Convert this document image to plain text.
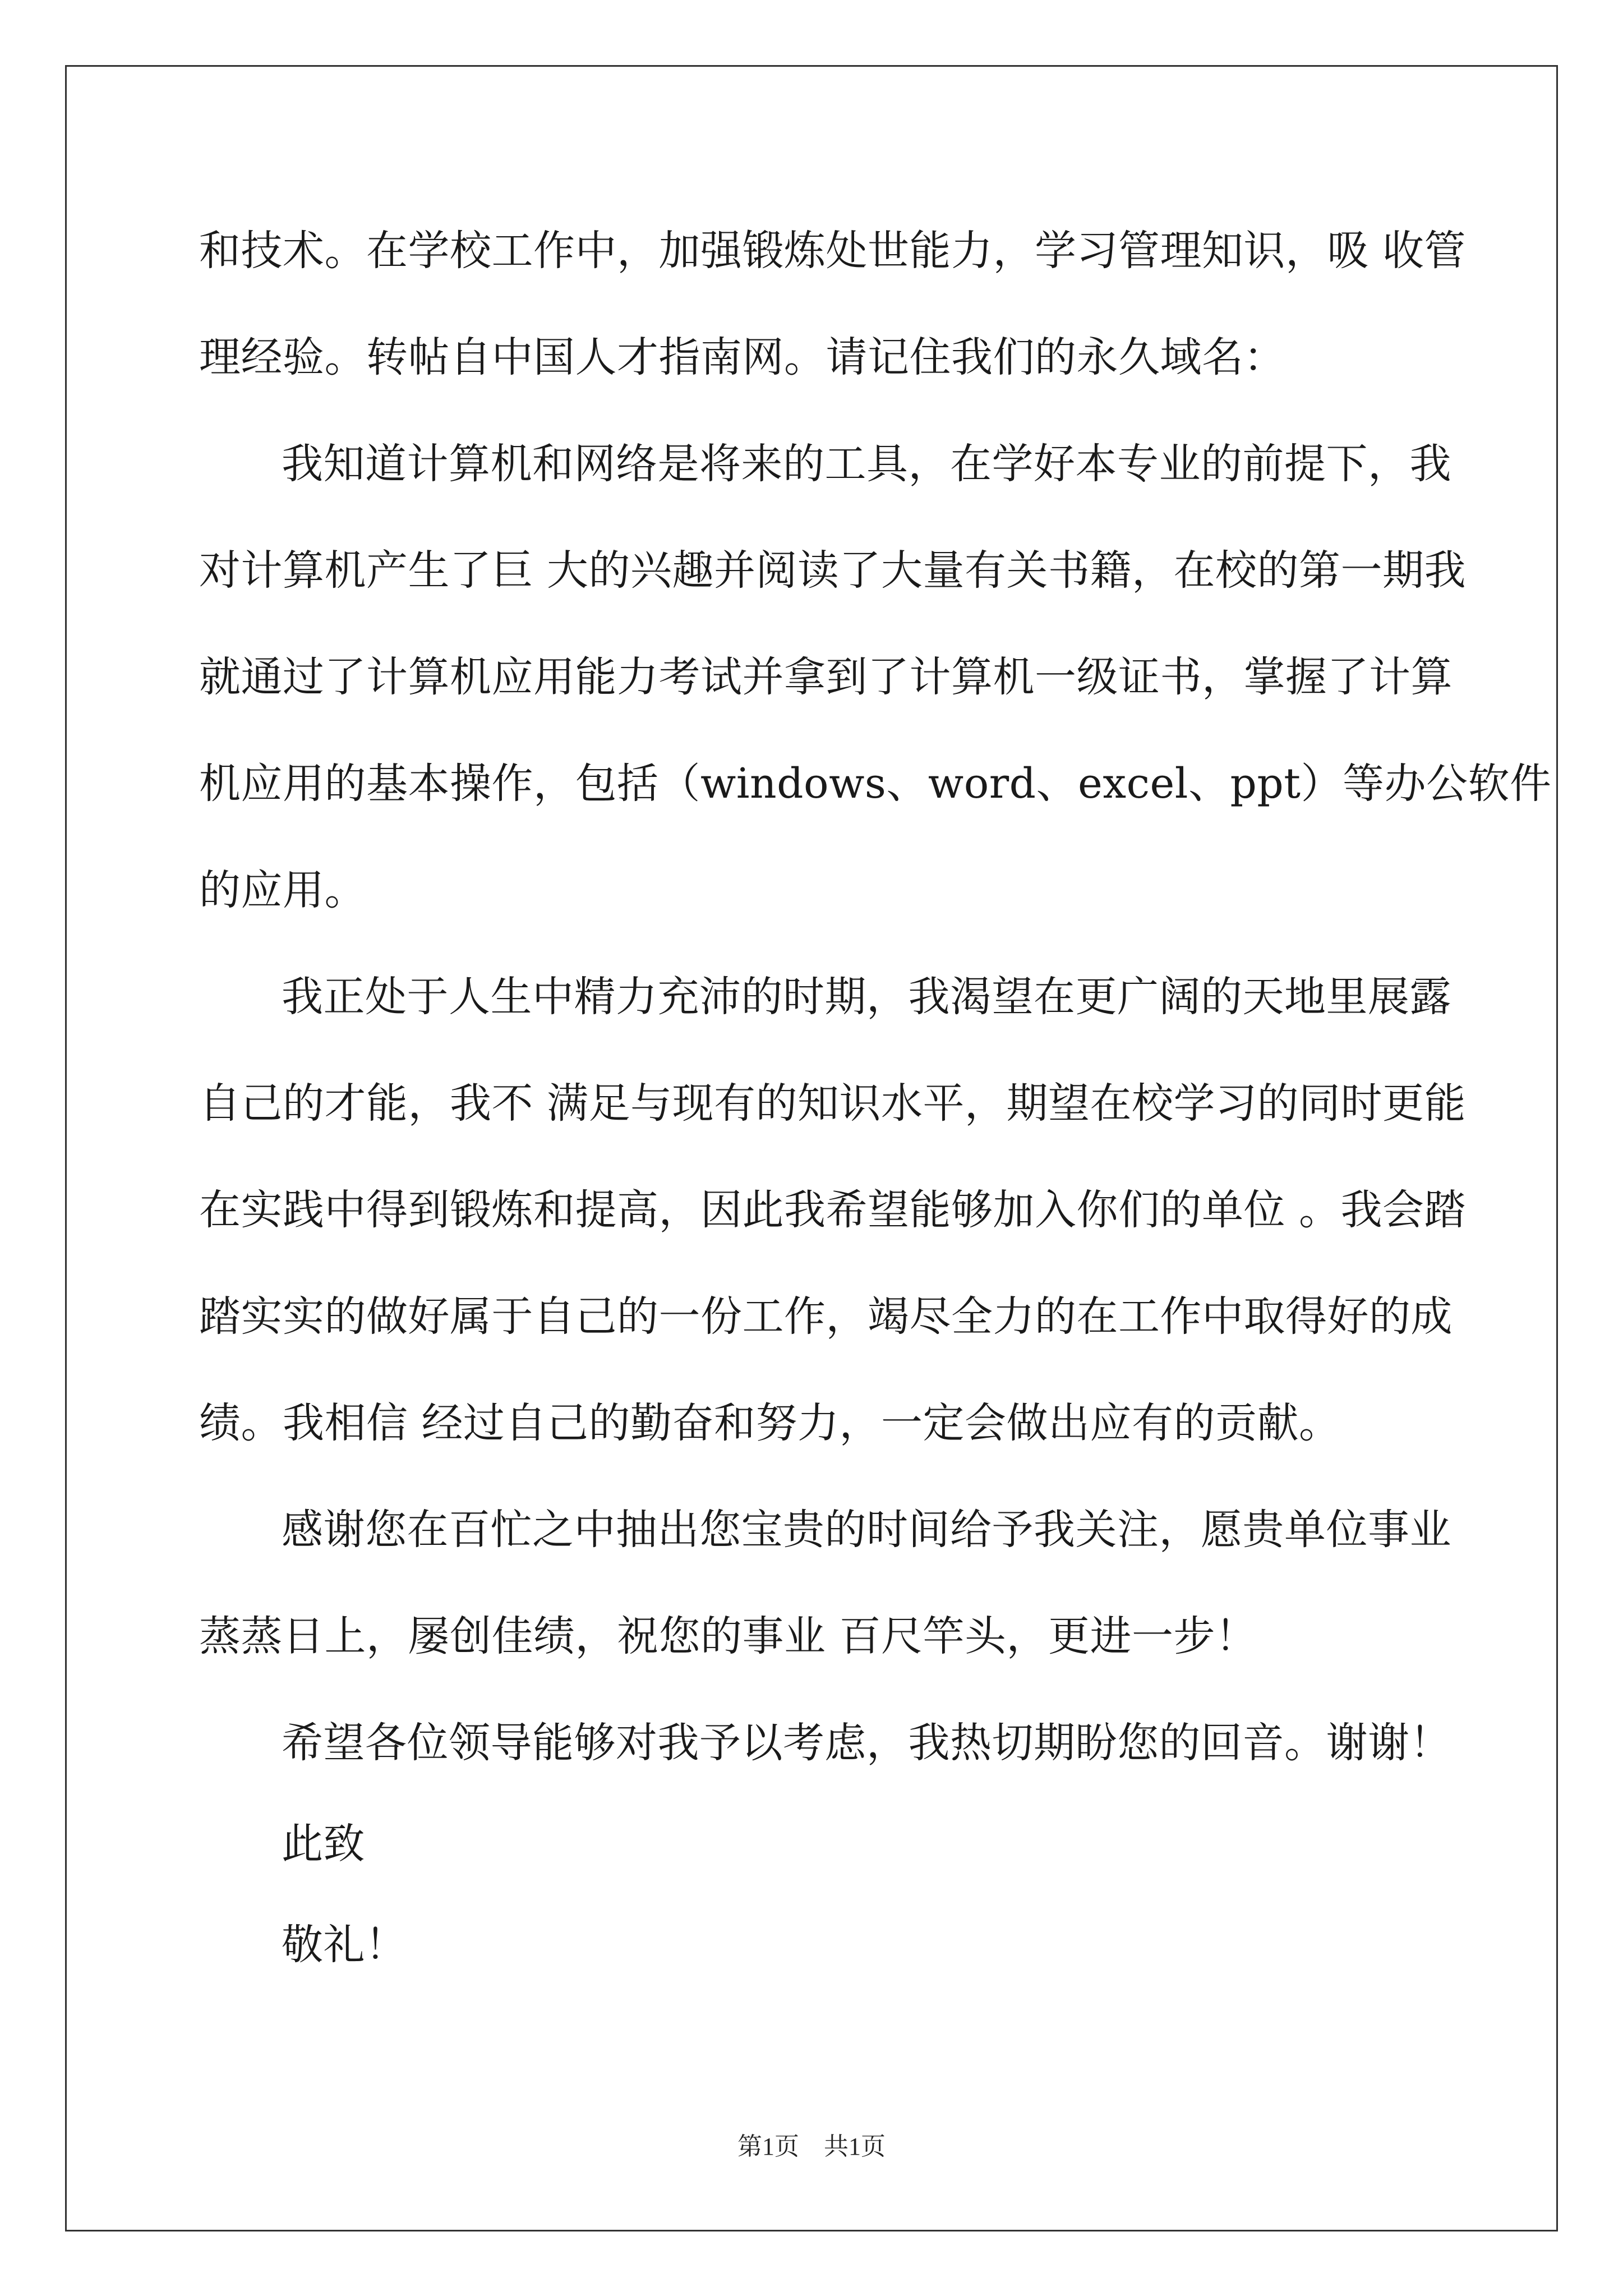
和技术。在学校工作中，加强锻炼处世能力，学习管理知识，吸 收管
理经验。转帖自中国人才指南网。请记住我们的永久域名：
我知道计算机和网络是将来的工具，在学好本专业的前提下，我
对计算机产生了巨 大的兴趣并阅读了大量有关书籍，在校的第一期我
就通过了计算机应用能力考试并拿到了计算机一级证书，掌握了计算
机应用的基本操作，包括（windows、word、excel、ppt）等办公软件
的应用。
我正处于人生中精力充沛的时期，我渴望在更广阔的天地里展露
自己的才能，我不 满足与现有的知识水平，期望在校学习的同时更能
在实践中得到锻炼和提高，因此我希望能够加入你们的单位 。我会踏
踏实实的做好属于自己的一份工作，竭尽全力的在工作中取得好的成
绩。我相信 经过自己的勤奋和努力，一定会做出应有的贡献。
感谢您在百忙之中抽出您宝贵的时间给予我关注，愿贵单位事业
蒸蒸日上，屡创佳绩，祝您的事业 百尺竿头，更进一步！
希望各位领导能够对我予以考虑，我热切期盼您的回音。谢谢！
此致
敬礼！
第1页　共1页
